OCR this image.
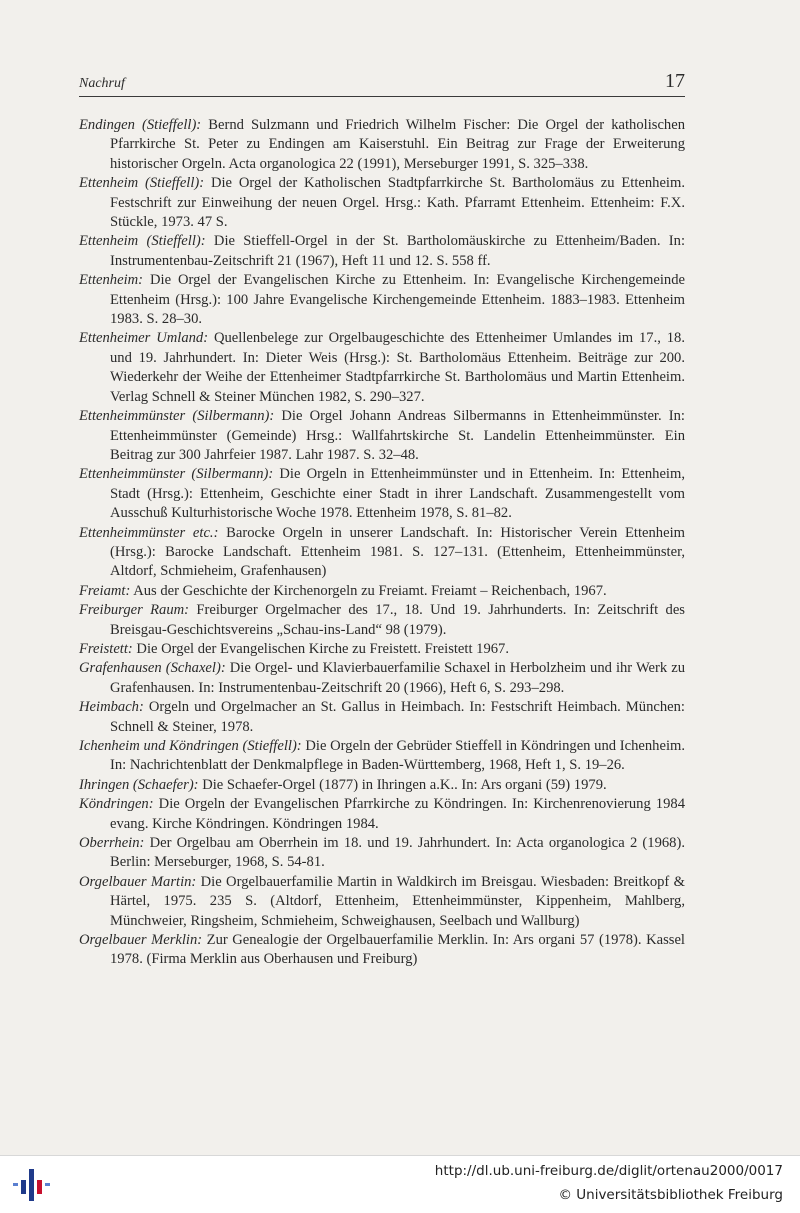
Nachruf	17

Endingen (Stieffell): Bernd Sulzmann und Friedrich Wilhelm Fischer: Die Orgel der katholischen Pfarrkirche St. Peter zu Endingen am Kaiserstuhl. Ein Beitrag zur Frage der Erweiterung historischer Orgeln. Acta organologica 22 (1991), Merseburger 1991, S. 325–338.

Ettenheim (Stieffell): Die Orgel der Katholischen Stadtpfarrkirche St. Bartholomäus zu Ettenheim. Festschrift zur Einweihung der neuen Orgel. Hrsg.: Kath. Pfarramt Ettenheim. Ettenheim: F.X. Stückle, 1973. 47 S.

Ettenheim (Stieffell): Die Stieffell-Orgel in der St. Bartholomäuskirche zu Ettenheim/Baden. In: Instrumentenbau-Zeitschrift 21 (1967), Heft 11 und 12. S. 558 ff.

Ettenheim: Die Orgel der Evangelischen Kirche zu Ettenheim. In: Evangelische Kirchengemeinde Ettenheim (Hrsg.): 100 Jahre Evangelische Kirchengemeinde Ettenheim. 1883–1983. Ettenheim 1983. S. 28–30.

Ettenheimer Umland: Quellenbelege zur Orgelbaugeschichte des Ettenheimer Umlandes im 17., 18. und 19. Jahrhundert. In: Dieter Weis (Hrsg.): St. Bartholomäus Ettenheim. Beiträge zur 200. Wiederkehr der Weihe der Ettenheimer Stadtpfarrkirche St. Bartholomäus und Martin Ettenheim. Verlag Schnell & Steiner München 1982, S. 290–327.

Ettenheimmünster (Silbermann): Die Orgel Johann Andreas Silbermanns in Ettenheimmünster. In: Ettenheimmünster (Gemeinde) Hrsg.: Wallfahrtskirche St. Landelin Ettenheimmünster. Ein Beitrag zur 300 Jahrfeier 1987. Lahr 1987. S. 32–48.

Ettenheimmünster (Silbermann): Die Orgeln in Ettenheimmünster und in Ettenheim. In: Ettenheim, Stadt (Hrsg.): Ettenheim, Geschichte einer Stadt in ihrer Landschaft. Zusammengestellt vom Ausschuß Kulturhistorische Woche 1978. Ettenheim 1978, S. 81–82.

Ettenheimmünster etc.: Barocke Orgeln in unserer Landschaft. In: Historischer Verein Ettenheim (Hrsg.): Barocke Landschaft. Ettenheim 1981. S. 127–131. (Ettenheim, Ettenheimmünster, Altdorf, Schmieheim, Grafenhausen)

Freiamt: Aus der Geschichte der Kirchenorgeln zu Freiamt. Freiamt – Reichenbach, 1967.

Freiburger Raum: Freiburger Orgelmacher des 17., 18. Und 19. Jahrhunderts. In: Zeitschrift des Breisgau-Geschichtsvereins „Schau-ins-Land“ 98 (1979).

Freistett: Die Orgel der Evangelischen Kirche zu Freistett. Freistett 1967.

Grafenhausen (Schaxel): Die Orgel- und Klavierbauerfamilie Schaxel in Herbolzheim und ihr Werk zu Grafenhausen. In: Instrumentenbau-Zeitschrift 20 (1966), Heft 6, S. 293–298.

Heimbach: Orgeln und Orgelmacher an St. Gallus in Heimbach. In: Festschrift Heimbach. München: Schnell & Steiner, 1978.

Ichenheim und Köndringen (Stieffell): Die Orgeln der Gebrüder Stieffell in Köndringen und Ichenheim. In: Nachrichtenblatt der Denkmalpflege in Baden-Württemberg, 1968, Heft 1, S. 19–26.

Ihringen (Schaefer): Die Schaefer-Orgel (1877) in Ihringen a.K.. In: Ars organi (59) 1979.

Köndringen: Die Orgeln der Evangelischen Pfarrkirche zu Köndringen. In: Kirchenrenovierung 1984 evang. Kirche Köndringen. Köndringen 1984.

Oberrhein: Der Orgelbau am Oberrhein im 18. und 19. Jahrhundert. In: Acta organologica 2 (1968). Berlin: Merseburger, 1968, S. 54-81.

Orgelbauer Martin: Die Orgelbauerfamilie Martin in Waldkirch im Breisgau. Wiesbaden: Breitkopf & Härtel, 1975. 235 S. (Altdorf, Ettenheim, Ettenheimmünster, Kippenheim, Mahlberg, Münchweier, Ringsheim, Schmieheim, Schweighausen, Seelbach und Wallburg)

Orgelbauer Merklin: Zur Genealogie der Orgelbauerfamilie Merklin. In: Ars organi 57 (1978). Kassel 1978. (Firma Merklin aus Oberhausen und Freiburg)

http://dl.ub.uni-freiburg.de/diglit/ortenau2000/0017
© Universitätsbibliothek Freiburg
